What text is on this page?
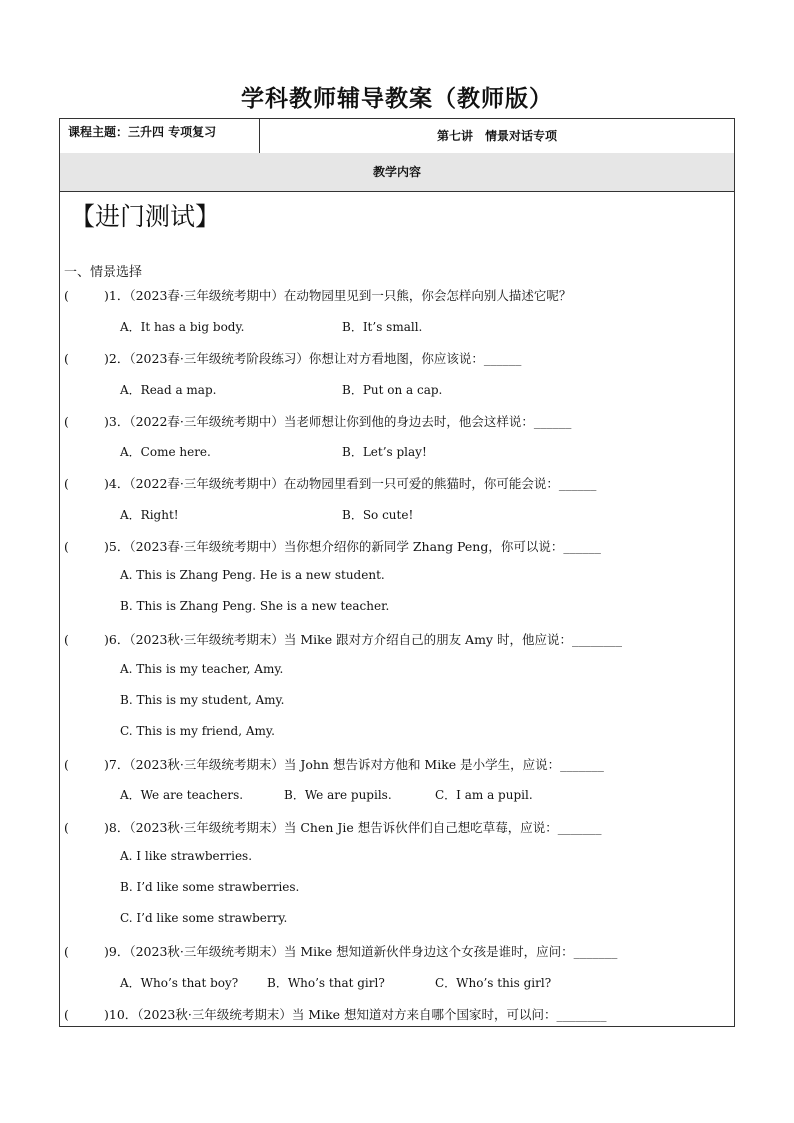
学科教师辅导教案（教师版）
课程主题：三升四 专项复习	第七讲　情景对话专项
教学内容
【进门测试】
一、情景选择
(	)1．（2023春·三年级统考期中）在动物园里见到一只熊，你会怎样向别人描述它呢？
A．It has a big body.	B．It’s small.
(	)2．（2023春·三年级统考阶段练习）你想让对方看地图，你应该说：______
A．Read a map.	B．Put on a cap.
(	)3．（2022春·三年级统考期中）当老师想让你到他的身边去时，他会这样说：______
A．Come here.	B．Let’s play!
(	)4．（2022春·三年级统考期中）在动物园里看到一只可爱的熊猫时，你可能会说：______
A．Right!	B．So cute!
(	)5．（2023春·三年级统考期中）当你想介绍你的新同学 Zhang Peng，你可以说：______
A. This is Zhang Peng. He is a new student.
B. This is Zhang Peng. She is a new teacher.
(	)6．（2023秋·三年级统考期末）当 Mike 跟对方介绍自己的朋友 Amy 时，他应说：________
A. This is my teacher, Amy.
B. This is my student, Amy.
C. This is my friend, Amy.
(	)7．（2023秋·三年级统考期末）当 John 想告诉对方他和 Mike 是小学生，应说：_______
A．We are teachers.	B．We are pupils.	C．I am a pupil.
(	)8．（2023秋·三年级统考期末）当 Chen Jie 想告诉伙伴们自己想吃草莓，应说：_______
A. I like strawberries.
B. I’d like some strawberries.
C. I’d like some strawberry.
(	)9．（2023秋·三年级统考期末）当 Mike 想知道新伙伴身边这个女孩是谁时，应问：_______
A．Who’s that boy? B．Who’s that girl?	C．Who’s this girl?
(	)10．（2023秋·三年级统考期末）当 Mike 想知道对方来自哪个国家时，可以问：________
